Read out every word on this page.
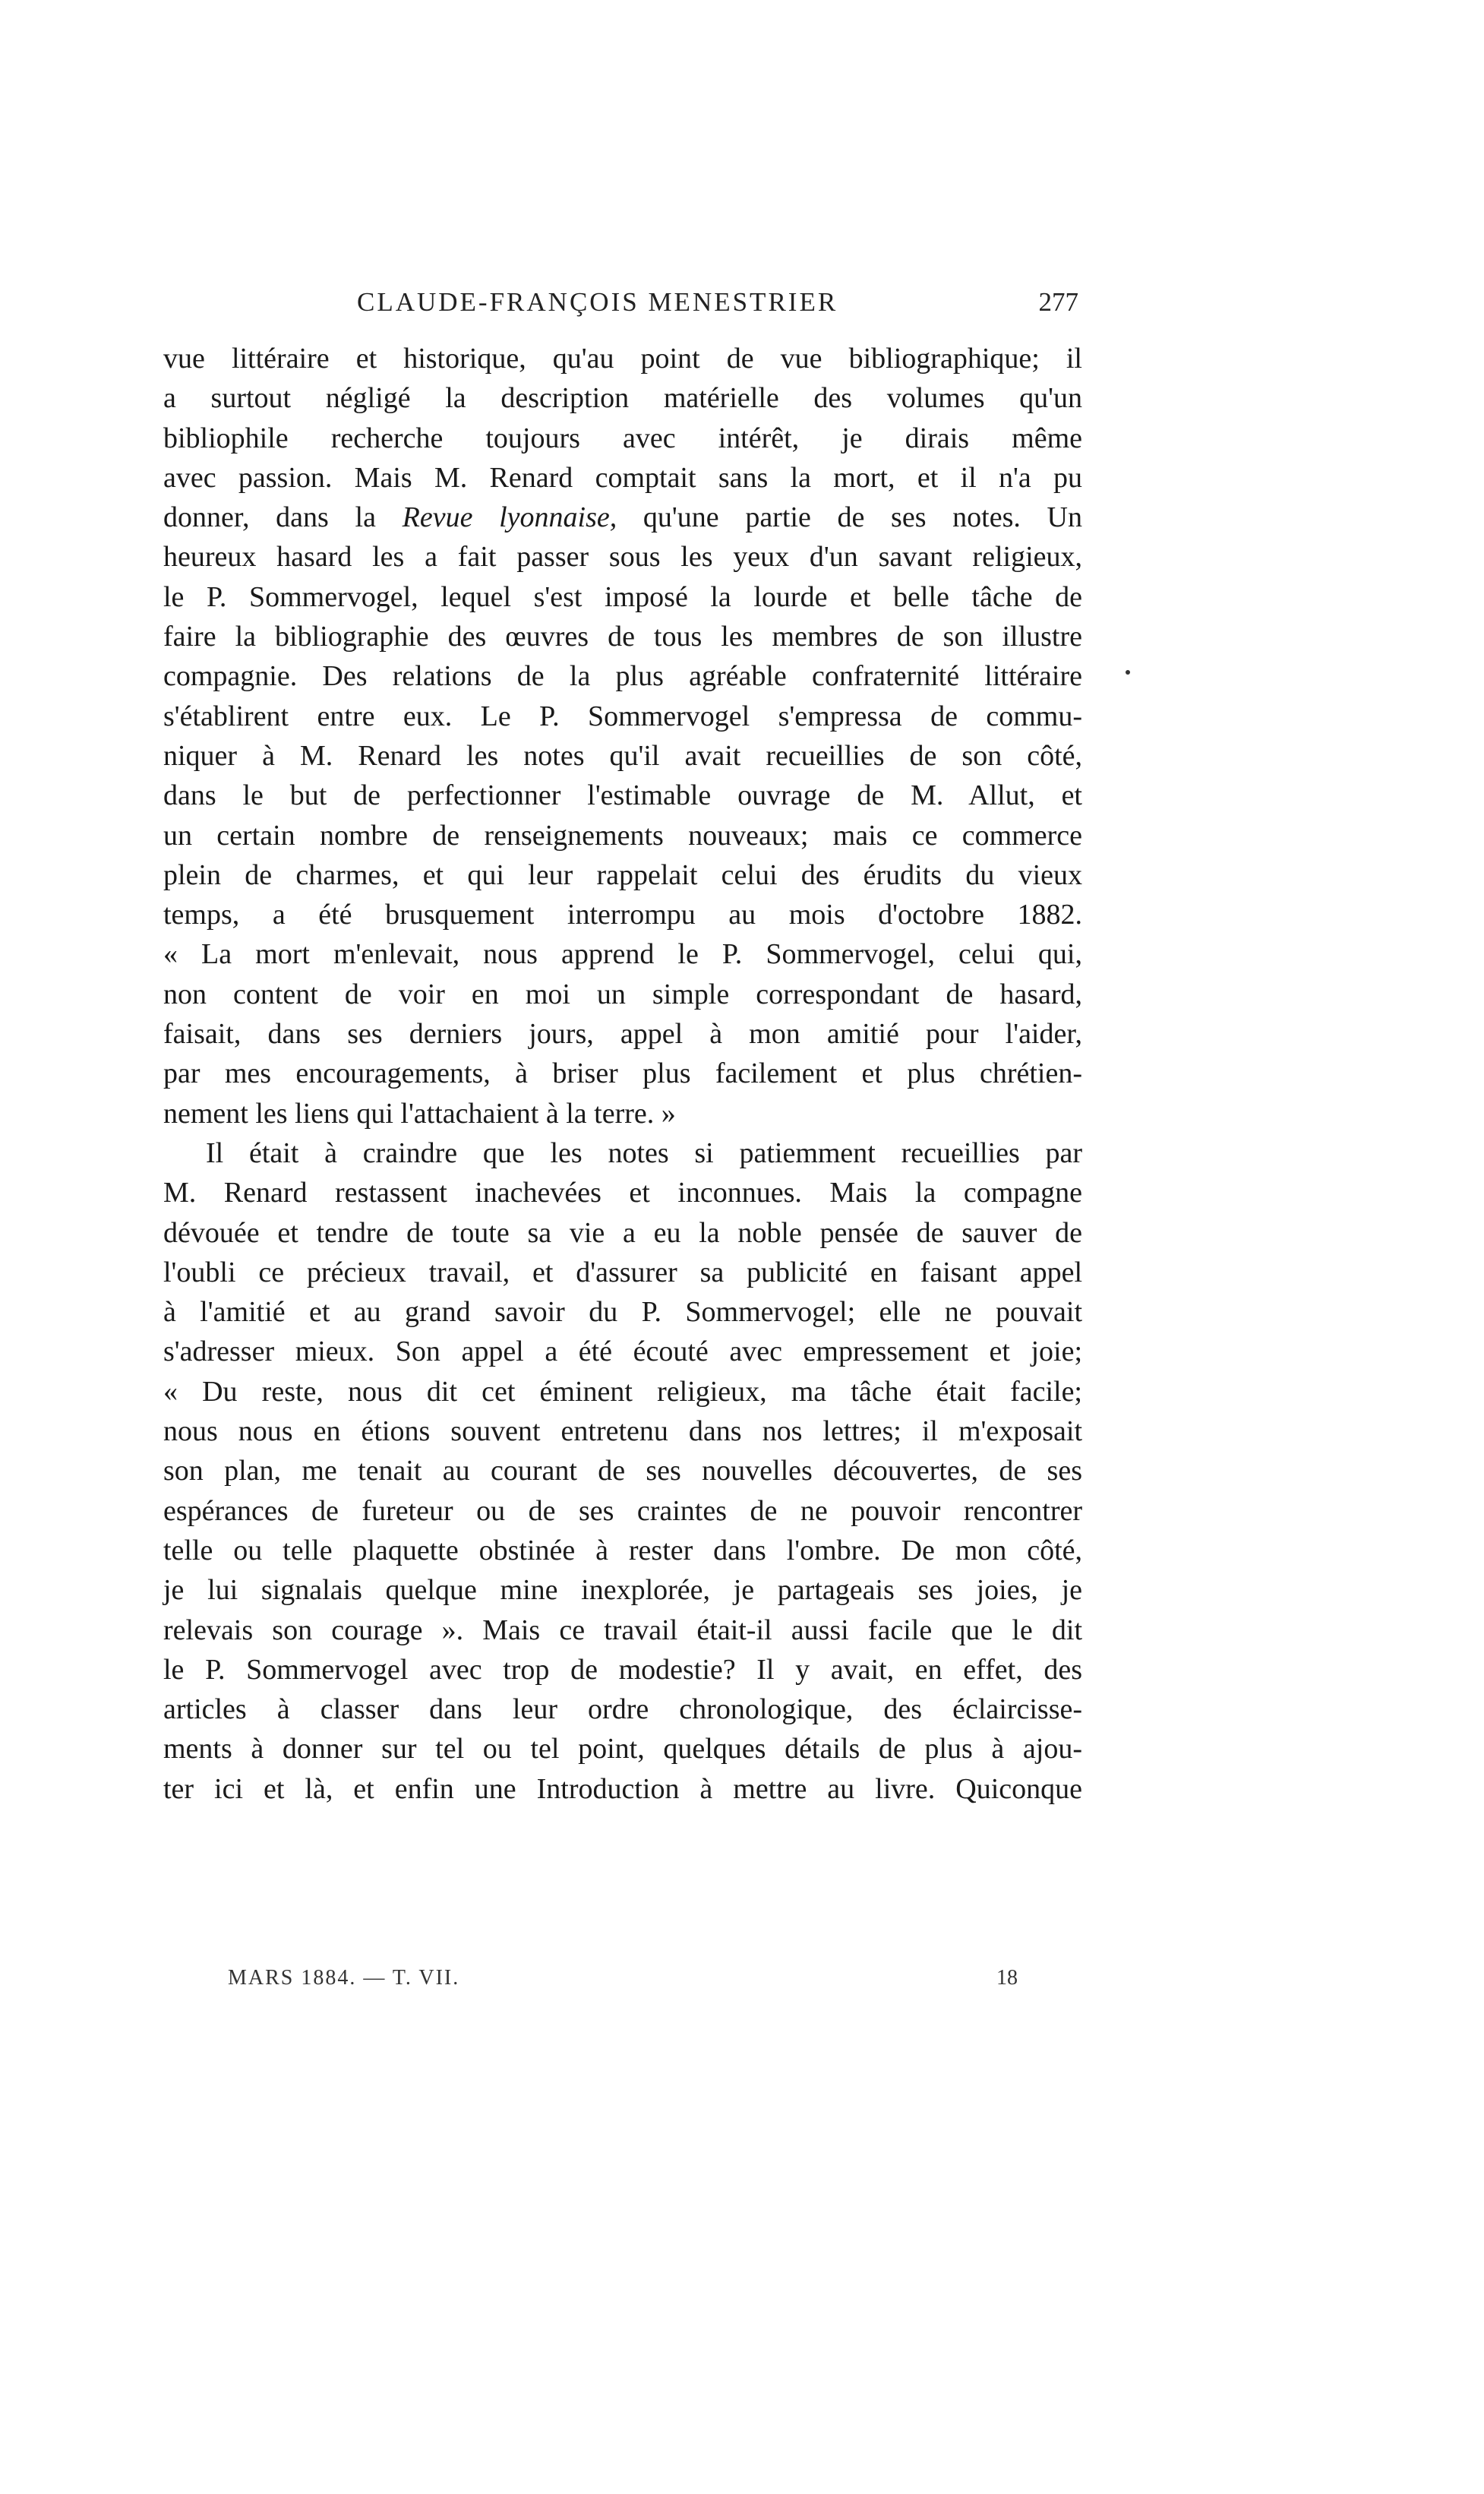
CLAUDE-FRANÇOIS MENESTRIER	277
vue littéraire et historique, qu'au point de vue bibliographique; il
a surtout négligé la description matérielle des volumes qu'un
bibliophile recherche toujours avec intérêt, je dirais même
avec passion. Mais M. Renard comptait sans la mort, et il n'a pu
donner, dans la Revue lyonnaise, qu'une partie de ses notes. Un
heureux hasard les a fait passer sous les yeux d'un savant religieux,
le P. Sommervogel, lequel s'est imposé la lourde et belle tâche de
faire la bibliographie des œuvres de tous les membres de son illustre
compagnie. Des relations de la plus agréable confraternité littéraire
s'établirent entre eux. Le P. Sommervogel s'empressa de commu-
niquer à M. Renard les notes qu'il avait recueillies de son côté,
dans le but de perfectionner l'estimable ouvrage de M. Allut, et
un certain nombre de renseignements nouveaux; mais ce commerce
plein de charmes, et qui leur rappelait celui des érudits du vieux
temps, a été brusquement interrompu au mois d'octobre 1882.
« La mort m'enlevait, nous apprend le P. Sommervogel, celui qui,
non content de voir en moi un simple correspondant de hasard,
faisait, dans ses derniers jours, appel à mon amitié pour l'aider,
par mes encouragements, à briser plus facilement et plus chrétien-
nement les liens qui l'attachaient à la terre. »
Il était à craindre que les notes si patiemment recueillies par
M. Renard restassent inachevées et inconnues. Mais la compagne
dévouée et tendre de toute sa vie a eu la noble pensée de sauver de
l'oubli ce précieux travail, et d'assurer sa publicité en faisant appel
à l'amitié et au grand savoir du P. Sommervogel; elle ne pouvait
s'adresser mieux. Son appel a été écouté avec empressement et joie;
« Du reste, nous dit cet éminent religieux, ma tâche était facile;
nous nous en étions souvent entretenu dans nos lettres; il m'exposait
son plan, me tenait au courant de ses nouvelles découvertes, de ses
espérances de fureteur ou de ses craintes de ne pouvoir rencontrer
telle ou telle plaquette obstinée à rester dans l'ombre. De mon côté,
je lui signalais quelque mine inexplorée, je partageais ses joies, je
relevais son courage ». Mais ce travail était-il aussi facile que le dit
le P. Sommervogel avec trop de modestie? Il y avait, en effet, des
articles à classer dans leur ordre chronologique, des éclaircisse-
ments à donner sur tel ou tel point, quelques détails de plus à ajou-
ter ici et là, et enfin une Introduction à mettre au livre. Quiconque
MARS 1884. — T. VII.	18
